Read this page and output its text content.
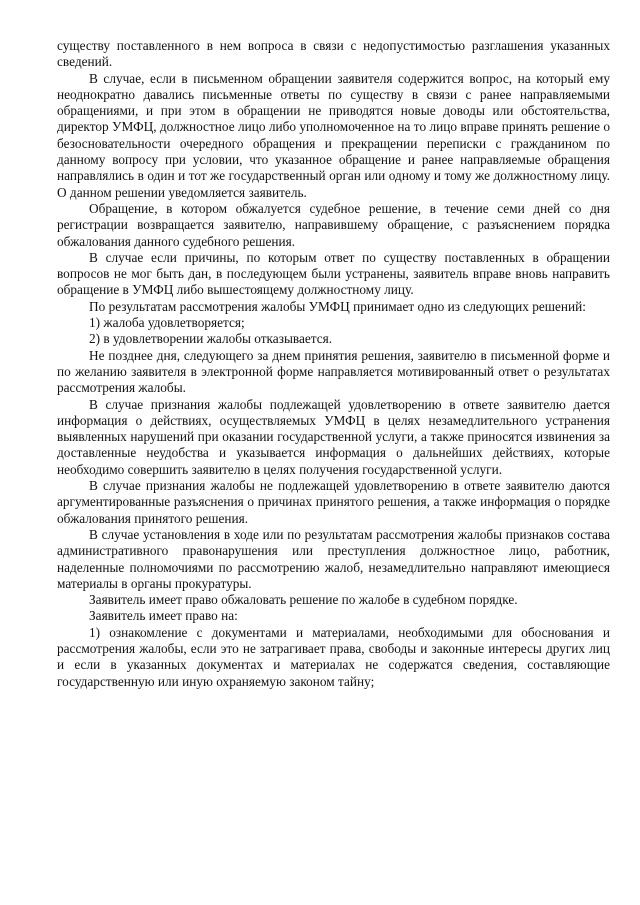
существу поставленного в нем вопроса в связи с недопустимостью разглашения указанных сведений.

В случае, если в письменном обращении заявителя содержится вопрос, на который ему неоднократно давались письменные ответы по существу в связи с ранее направляемыми обращениями, и при этом в обращении не приводятся новые доводы или обстоятельства, директор УМФЦ, должностное лицо либо уполномоченное на то лицо вправе принять решение о безосновательности очередного обращения и прекращении переписки с гражданином по данному вопросу при условии, что указанное обращение и ранее направляемые обращения направлялись в один и тот же государственный орган или одному и тому же должностному лицу. О данном решении уведомляется заявитель.

Обращение, в котором обжалуется судебное решение, в течение семи дней со дня регистрации возвращается заявителю, направившему обращение, с разъяснением порядка обжалования данного судебного решения.

В случае если причины, по которым ответ по существу поставленных в обращении вопросов не мог быть дан, в последующем были устранены, заявитель вправе вновь направить обращение в УМФЦ либо вышестоящему должностному лицу.

По результатам рассмотрения жалобы УМФЦ принимает одно из следующих решений:

1) жалоба удовлетворяется;

2) в удовлетворении жалобы отказывается.

Не позднее дня, следующего за днем принятия решения, заявителю в письменной форме и по желанию заявителя в электронной форме направляется мотивированный ответ о результатах рассмотрения жалобы.

В случае признания жалобы подлежащей удовлетворению в ответе заявителю дается информация о действиях, осуществляемых УМФЦ в целях незамедлительного устранения выявленных нарушений при оказании государственной услуги, а также приносятся извинения за доставленные неудобства и указывается информация о дальнейших действиях, которые необходимо совершить заявителю в целях получения государственной услуги.

В случае признания жалобы не подлежащей удовлетворению в ответе заявителю даются аргументированные разъяснения о причинах принятого решения, а также информация о порядке обжалования принятого решения.

В случае установления в ходе или по результатам рассмотрения жалобы признаков состава административного правонарушения или преступления должностное лицо, работник, наделенные полномочиями по рассмотрению жалоб, незамедлительно направляют имеющиеся материалы в органы прокуратуры.

Заявитель имеет право обжаловать решение по жалобе в судебном порядке.

Заявитель имеет право на:

1) ознакомление с документами и материалами, необходимыми для обоснования и рассмотрения жалобы, если это не затрагивает права, свободы и законные интересы других лиц и если в указанных документах и материалах не содержатся сведения, составляющие государственную или иную охраняемую законом тайну;
